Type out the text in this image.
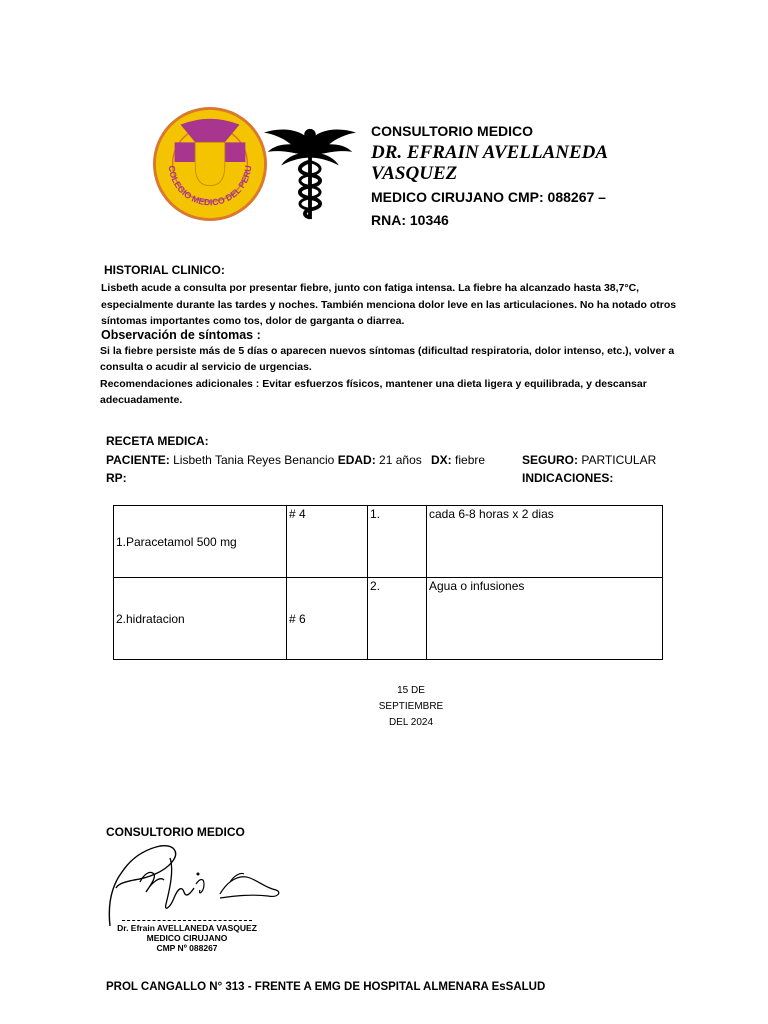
COLEGIO MEDICO DEL PERU
CONSULTORIO MEDICO
DR. EFRAIN AVELLANEDA VASQUEZ
MEDICO CIRUJANO CMP: 088267 –
RNA: 10346
HISTORIAL CLINICO:
Lisbeth acude a consulta por presentar fiebre, junto con fatiga intensa. La fiebre ha alcanzado hasta 38,7°C, especialmente durante las tardes y noches. También menciona dolor leve en las articulaciones. No ha notado otros síntomas importantes como tos, dolor de garganta o diarrea.
Observación de síntomas :
Si la fiebre persiste más de 5 días o aparecen nuevos síntomas (dificultad respiratoria, dolor intenso, etc.), volver a consulta o acudir al servicio de urgencias.
Recomendaciones adicionales : Evitar esfuerzos físicos, mantener una dieta ligera y equilibrada, y descansar adecuadamente.
RECETA MEDICA:
PACIENTE: Lisbeth Tania Reyes Benancio EDAD: 21 años DX: fiebre	SEGURO: PARTICULAR
RP:	INDICACIONES:
1.Paracetamol 500 mg	# 4	1.	cada 6-8 horas x 2 dias
2.hidratacion	# 6	2.	Agua o infusiones
15 DE
SEPTIEMBRE
DEL 2024
CONSULTORIO MEDICO
Dr. Efrain AVELLANEDA VASQUEZ
MEDICO CIRUJANO
CMP Nº 088267
PROL CANGALLO N° 313 - FRENTE A EMG DE HOSPITAL ALMENARA EsSALUD
